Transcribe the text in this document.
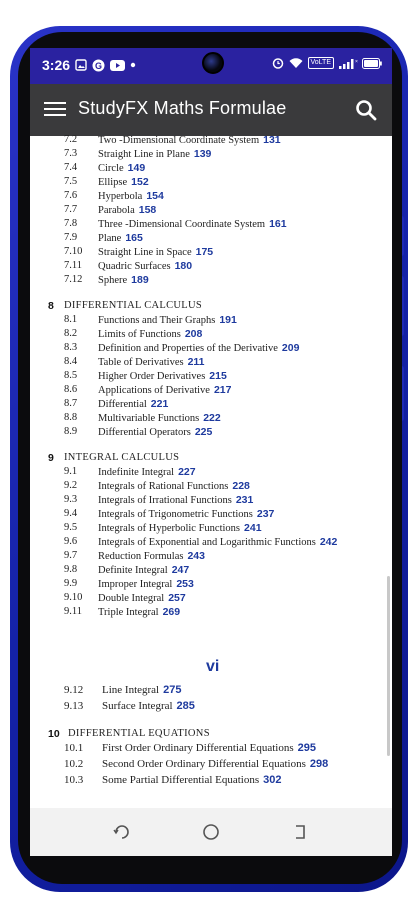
3:26	G	VoLTE	×
StudyFX Maths Formulae
7.2 Two -Dimensional Coordinate System 131
7.3 Straight Line in Plane 139
7.4 Circle 149
7.5 Ellipse 152
7.6 Hyperbola 154
7.7 Parabola 158
7.8 Three -Dimensional Coordinate System 161
7.9 Plane 165
7.10 Straight Line in Space 175
7.11 Quadric Surfaces 180
7.12 Sphere 189
8 DIFFERENTIAL CALCULUS
8.1 Functions and Their Graphs 191
8.2 Limits of Functions 208
8.3 Definition and Properties of the Derivative 209
8.4 Table of Derivatives 211
8.5 Higher Order Derivatives 215
8.6 Applications of Derivative 217
8.7 Differential 221
8.8 Multivariable Functions 222
8.9 Differential Operators 225
9 INTEGRAL CALCULUS
9.1 Indefinite Integral 227
9.2 Integrals of Rational Functions 228
9.3 Integrals of Irrational Functions 231
9.4 Integrals of Trigonometric Functions 237
9.5 Integrals of Hyperbolic Functions 241
9.6 Integrals of Exponential and Logarithmic Functions 242
9.7 Reduction Formulas 243
9.8 Definite Integral 247
9.9 Improper Integral 253
9.10 Double Integral 257
9.11 Triple Integral 269
vi
9.12 Line Integral 275
9.13 Surface Integral 285
10 DIFFERENTIAL EQUATIONS
10.1 First Order Ordinary Differential Equations 295
10.2 Second Order Ordinary Differential Equations 298
10.3 Some Partial Differential Equations 302
